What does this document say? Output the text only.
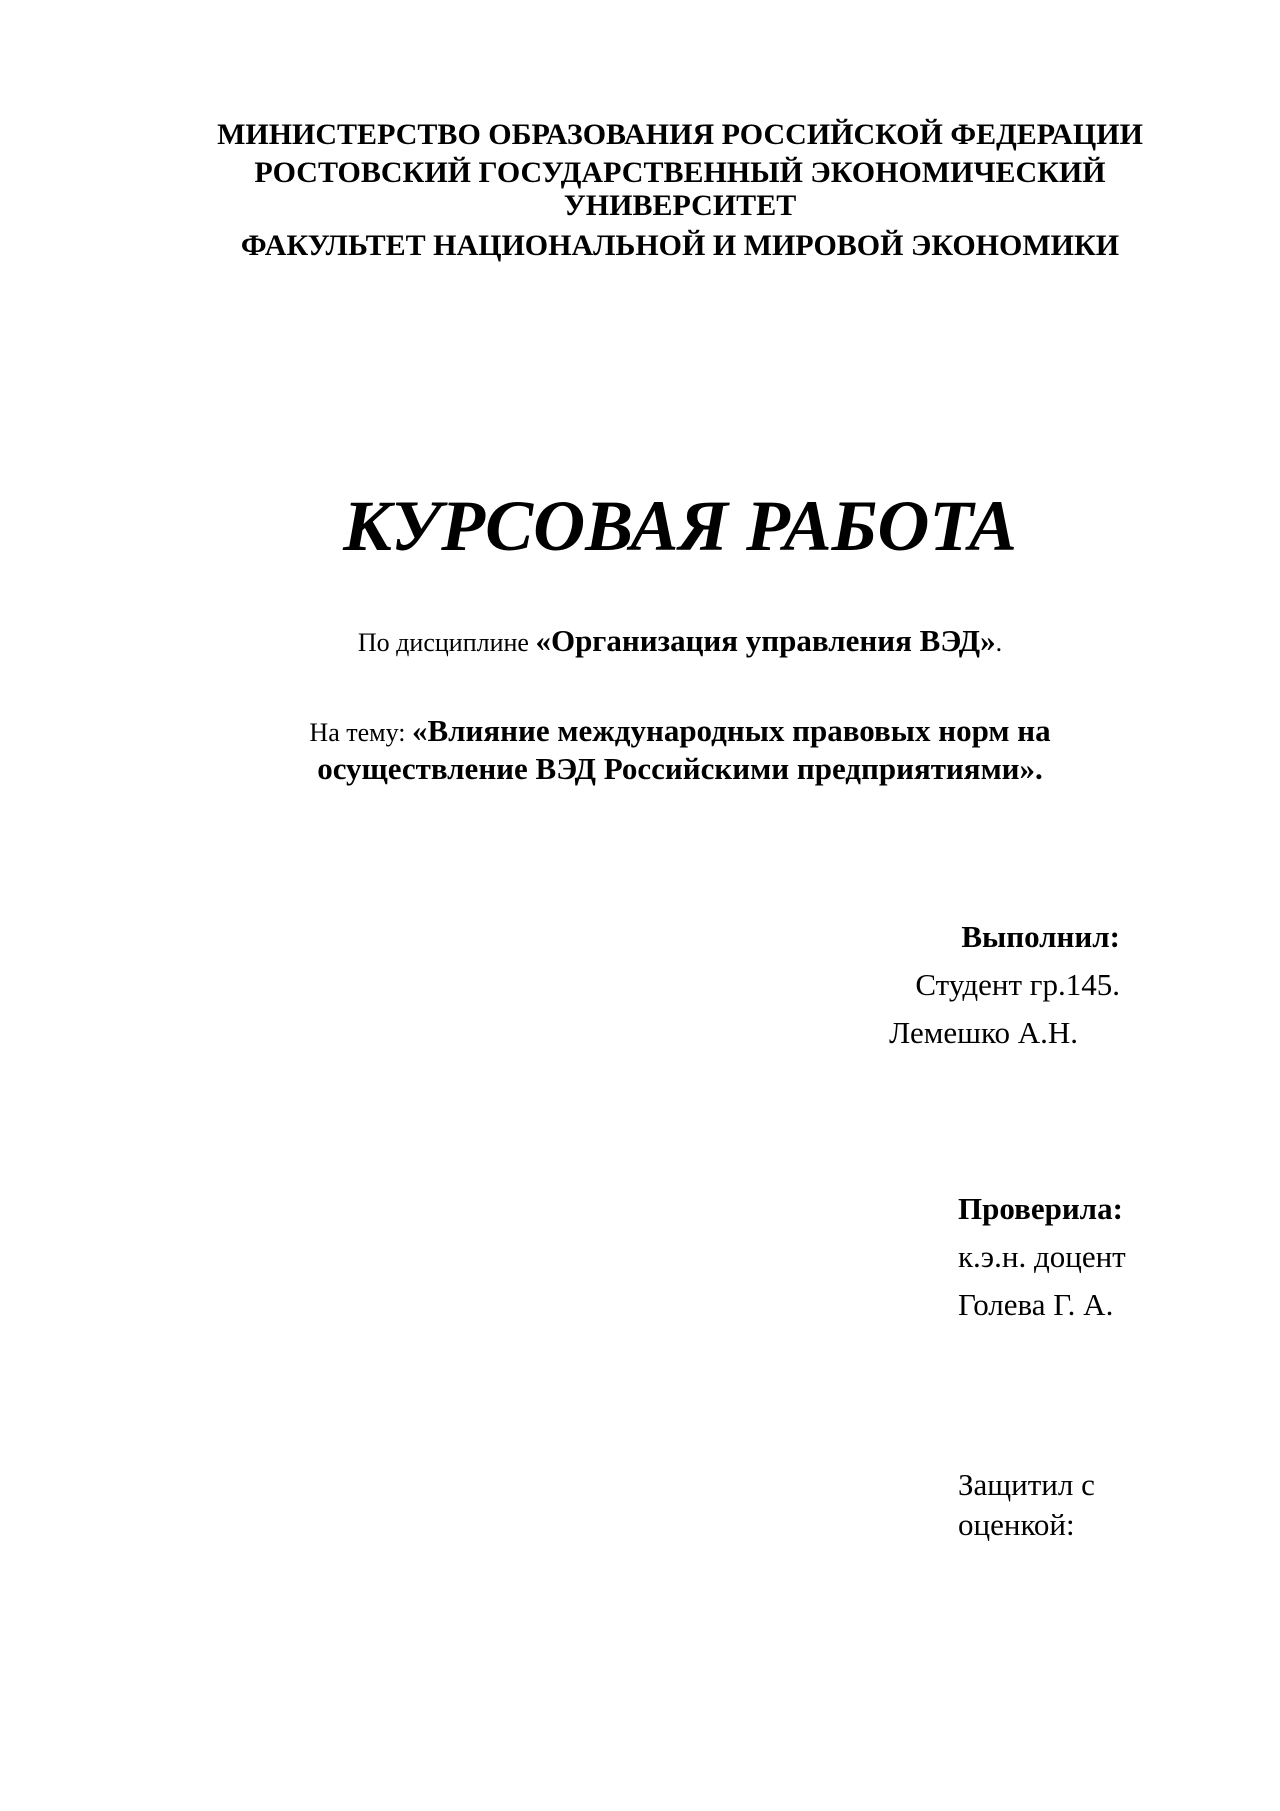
МИНИСТЕРСТВО ОБРАЗОВАНИЯ РОССИЙСКОЙ ФЕДЕРАЦИИ
РОСТОВСКИЙ ГОСУДАРСТВЕННЫЙ ЭКОНОМИЧЕСКИЙ
УНИВЕРСИТЕТ
ФАКУЛЬТЕТ НАЦИОНАЛЬНОЙ И МИРОВОЙ ЭКОНОМИКИ
КУРСОВАЯ РАБОТА
По дисциплине «Организация управления ВЭД».
На тему: «Влияние международных правовых норм на
осуществление ВЭД Российскими предприятиями».
Выполнил:
Студент гр.145.
Лемешко А.Н.
Проверила:
к.э.н. доцент
Голева Г. А.
Защитил с
оценкой:
